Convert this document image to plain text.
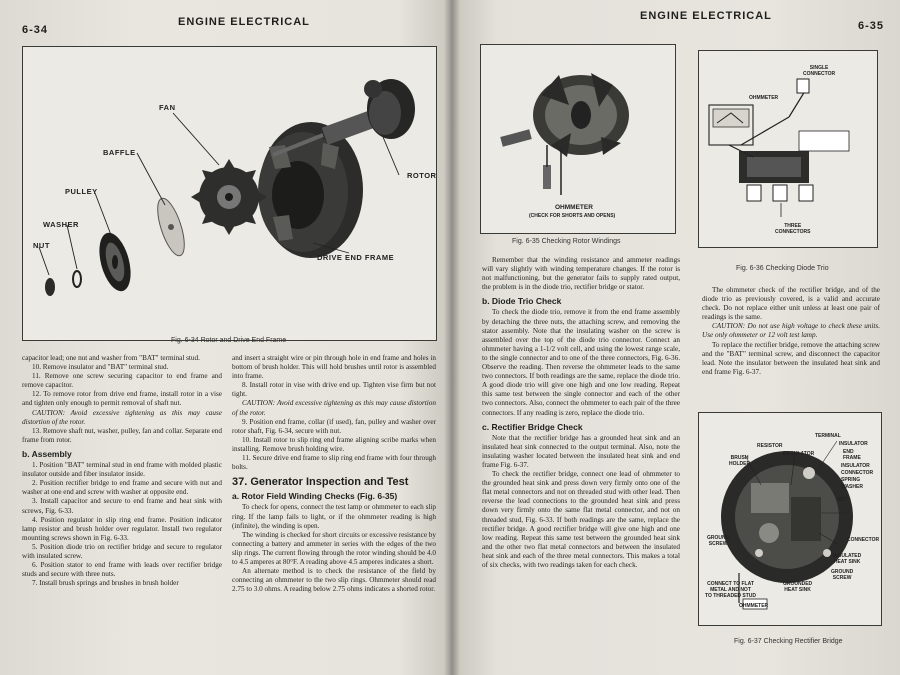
6-34
ENGINE ELECTRICAL
FAN
BAFFLE
PULLEY
WASHER
NUT
ROTOR
DRIVE END FRAME
Fig. 6-34 Rotor and Drive End Frame

capacitor lead; one nut and washer from "BAT" terminal stud.

10. Remove insulator and "BAT" terminal stud.

11. Remove one screw securing capacitor to end frame and remove capacitor.

12. To remove rotor from drive end frame, install rotor in a vise and tighten only enough to permit removal of shaft nut.

CAUTION: Avoid excessive tightening as this may cause distortion of the rotor.

13. Remove shaft nut, washer, pulley, fan and collar. Separate end frame from rotor.

b. Assembly

1. Position "BAT" terminal stud in end frame with molded plastic insulator outside and fiber insulator inside.

2. Position rectifier bridge to end frame and secure with nut and washer at one end and screw with washer at opposite end.

3. Install capacitor and secure to end frame and heat sink with screws, Fig. 6-33.

4. Position regulator in slip ring end frame. Position indicator lamp resistor and brush holder over regulator. Install two regulator mounting screws shown in Fig. 6-33.

5. Position diode trio on rectifier bridge and secure to regulator with insulated screw.

6. Position stator to end frame with leads over rectifier bridge studs and secure with three nuts.

7. Install brush springs and brushes in brush holder

and insert a straight wire or pin through hole in end frame and holes in bottom of brush holder. This will hold brushes until rotor is assembled into frame.

8. Install rotor in vise with drive end up. Tighten vise firm but not tight.

CAUTION: Avoid excessive tightening as this may cause distortion of the rotor.

9. Position end frame, collar (if used), fan, pulley and washer over rotor shaft, Fig. 6-34, secure with nut.

10. Install rotor to slip ring end frame aligning scribe marks when installing. Remove brush holding wire.

11. Secure drive end frame to slip ring end frame with four through bolts.

37. Generator Inspection and Test
a. Rotor Field Winding Checks (Fig. 6-35)

To check for opens, connect the test lamp or ohmmeter to each slip ring. If the lamp fails to light, or if the ohmmeter reading is high (infinite), the winding is open.

The winding is checked for short circuits or excessive resistance by connecting a battery and ammeter in series with the edges of the two slip rings. The current flowing through the rotor winding should be 4.0 to 4.5 amperes at 80°F. A reading above 4.5 amperes indicates a short.

An alternate method is to check the resistance of the field by connecting an ohmmeter to the two slip rings. Ohmmeter should read 2.75 to 3.0 ohms. A reading below 2.75 ohms indicates a shorted rotor.

ENGINE ELECTRICAL
6-35
OHMMETER
(CHECK FOR SHORTS AND OPENS)
Fig. 6-35 Checking Rotor Windings
SINGLE
CONNECTOR
OHMMETER
THREE
CONNECTORS
Fig. 6-36 Checking Diode Trio

Remember that the winding resistance and ammeter readings will vary slightly with winding temperature changes. If the rotor is not malfunctioning, but the generator fails to supply rated output, the problem is in the diode trio, rectifier bridge or stator.

b. Diode Trio Check

To check the diode trio, remove it from the end frame assembly by detaching the three nuts, the attaching screw, and removing the stator assembly. Note that the insulating washer on the screw is assembled over the top of the diode trio connector. Connect an ohmmeter having a 1-1/2 volt cell, and using the lowest range scale, to the single connector and to one of the three connectors, Fig. 6-36. Observe the reading. Then reverse the ohmmeter leads to the same two connectors. If both readings are the same, replace the diode trio. A good diode trio will give one high and one low reading. Repeat this same test between the single connector and each of the other two connectors. Also, connect the ohmmeter to each pair of the three connectors. If any reading is zero, replace the diode trio.

c. Rectifier Bridge Check

Note that the rectifier bridge has a grounded heat sink and an insulated heat sink connected to the output terminal. Also, note the insulating washer located between the insulated heat sink and end frame Fig. 6-37.

To check the rectifier bridge, connect one lead of ohmmeter to the grounded heat sink and press down very firmly onto one of the flat metal connectors and not on threaded stud with other lead. Then reverse the lead connections to the grounded heat sink and press down very firmly onto the same flat metal connector, and not on threaded stud, Fig. 6-33. If both readings are the same, replace the rectifier bridge. A good rectifier bridge will give one high and one low reading. Repeat this same test between the grounded heat sink and the other two flat metal connectors and between the insulated heat sink and each of the three metal connectors. This makes a total of six checks, with two readings taken for each check.

The ohmmeter check of the rectifier bridge, and of the diode trio as previously covered, is a valid and accurate check. Do not replace either unit unless at least one pair of readings is the same.

CAUTION: Do not use high voltage to check these units. Use only ohmmeter or 12 volt test lamp.

To replace the rectifier bridge, remove the attaching screw and the "BAT" terminal screw, and disconnect the capacitor lead. Note the insulator between the insulated heat sink and end frame Fig. 6-37.

TERMINAL
INSULATOR
END
FRAME
INSULATOR
CONNECTOR
SPRING
WASHER
NUT
RESISTOR
REGULATOR
BRUSH
HOLDER
CONNECTOR
INSULATED
HEAT SINK
GROUND
SCREW
GROUND
SCREW
CONNECT TO FLAT
METAL AND NOT
TO THREADED STUD
GROUNDED
HEAT SINK
OHMMETER
Fig. 6-37 Checking Rectifier Bridge
